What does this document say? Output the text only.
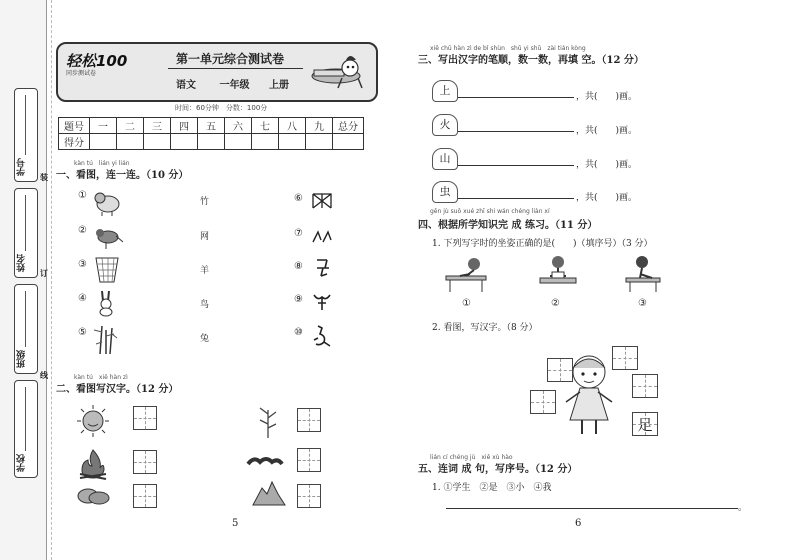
学号
姓名
班级
学校
装
订
线
轻松100
同步测试卷
第一单元综合测试卷
语文 一年级 上册
时间：60分钟　分数：100分
题号	一	二	三	四	五	六	七	八	九	总分
得分										
kàn tú　lián yi lián
一、看图，连一连。（10 分）
①
②
③
④
⑤
竹
网
羊
鸟
兔
⑥
⑦
⑧
⑨
⑩
kàn tú　xiě hàn zì
二、看图写汉字。（12 分）
5
xiě chū hàn zì de bǐ shùn　shǔ yi shǔ　zài tián kòng
三、写出汉字的笔顺，数一数，再填 空。（12 分）
上	，共(　　)画。
火	，共(　　)画。
山	，共(　　)画。
虫	，共(　　)画。
gēn jù suǒ xué zhī shi wán chéng liàn xí
四、根据所学知识完 成 练习。（11 分）
1. 下列写字时的坐姿正确的是(　　)（填序号）（3 分）
①	②	③
2. 看图，写汉字。（8 分）
足
lián cí chéng jù　xiě xù hào
五、连词 成 句，写序号。（12 分）
1. ①学生　②是　③小　④我
。
6
